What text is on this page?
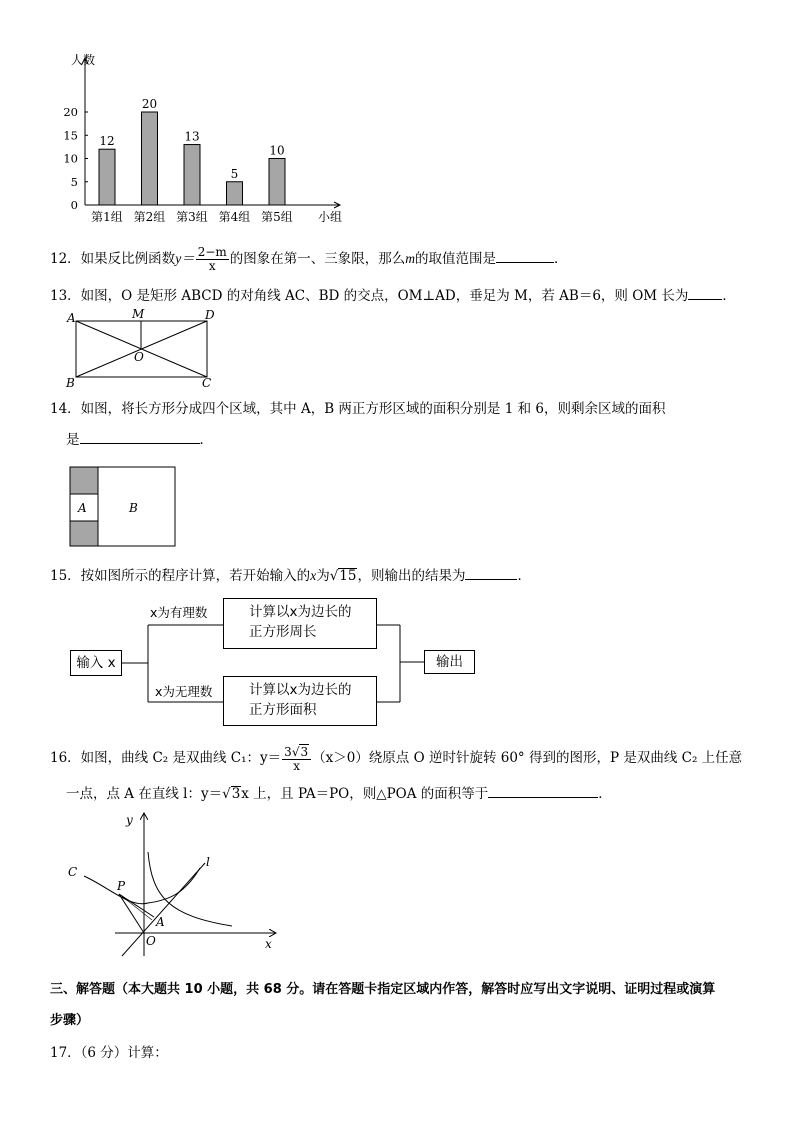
人数
小组
0
5
10
15
20
12
第1组
20
第2组
13
第3组
5
第4组
10
第5组
12．如果反比例函数$y= \frac{2-m}{x}$ 的图象在第一、三象限，那么m的取值范围是	．
13．如图，O 是矩形 ABCD 的对角线 AC、BD 的交点，OM⊥AD，垂足为 M，若 AB＝6，则 OM 长为	．
A	M	D
O
B	C
14．如图，将长方形分成四个区域，其中 A，B 两正方形区域的面积分别是 1 和 6，则剩余区域的面积
是	．
A	B
15．按如图所示的程序计算，若开始输入的x为√15，则输出的结果为	．
输入 x
x为有理数
x为无理数
计算以x为边长的
正方形周长
计算以x为边长的
正方形面积
输出
16．如图，曲线 C₂ 是双曲线 C₁：$y= \frac{3√3}{x} (x>0)$绕原点 O 逆时针旋转 60° 得到的图形，P 是双曲线 C₂ 上任意
一点，点 A 在直线 l：y＝√3x 上，且 PA＝PO，则△POA 的面积等于	．
y
l
C
P
A
O	x
三、解答题（本大题共 10 小题，共 68 分。请在答题卡指定区域内作答，解答时应写出文字说明、证明过程或演算
步骤）
17．（6 分）计算：
